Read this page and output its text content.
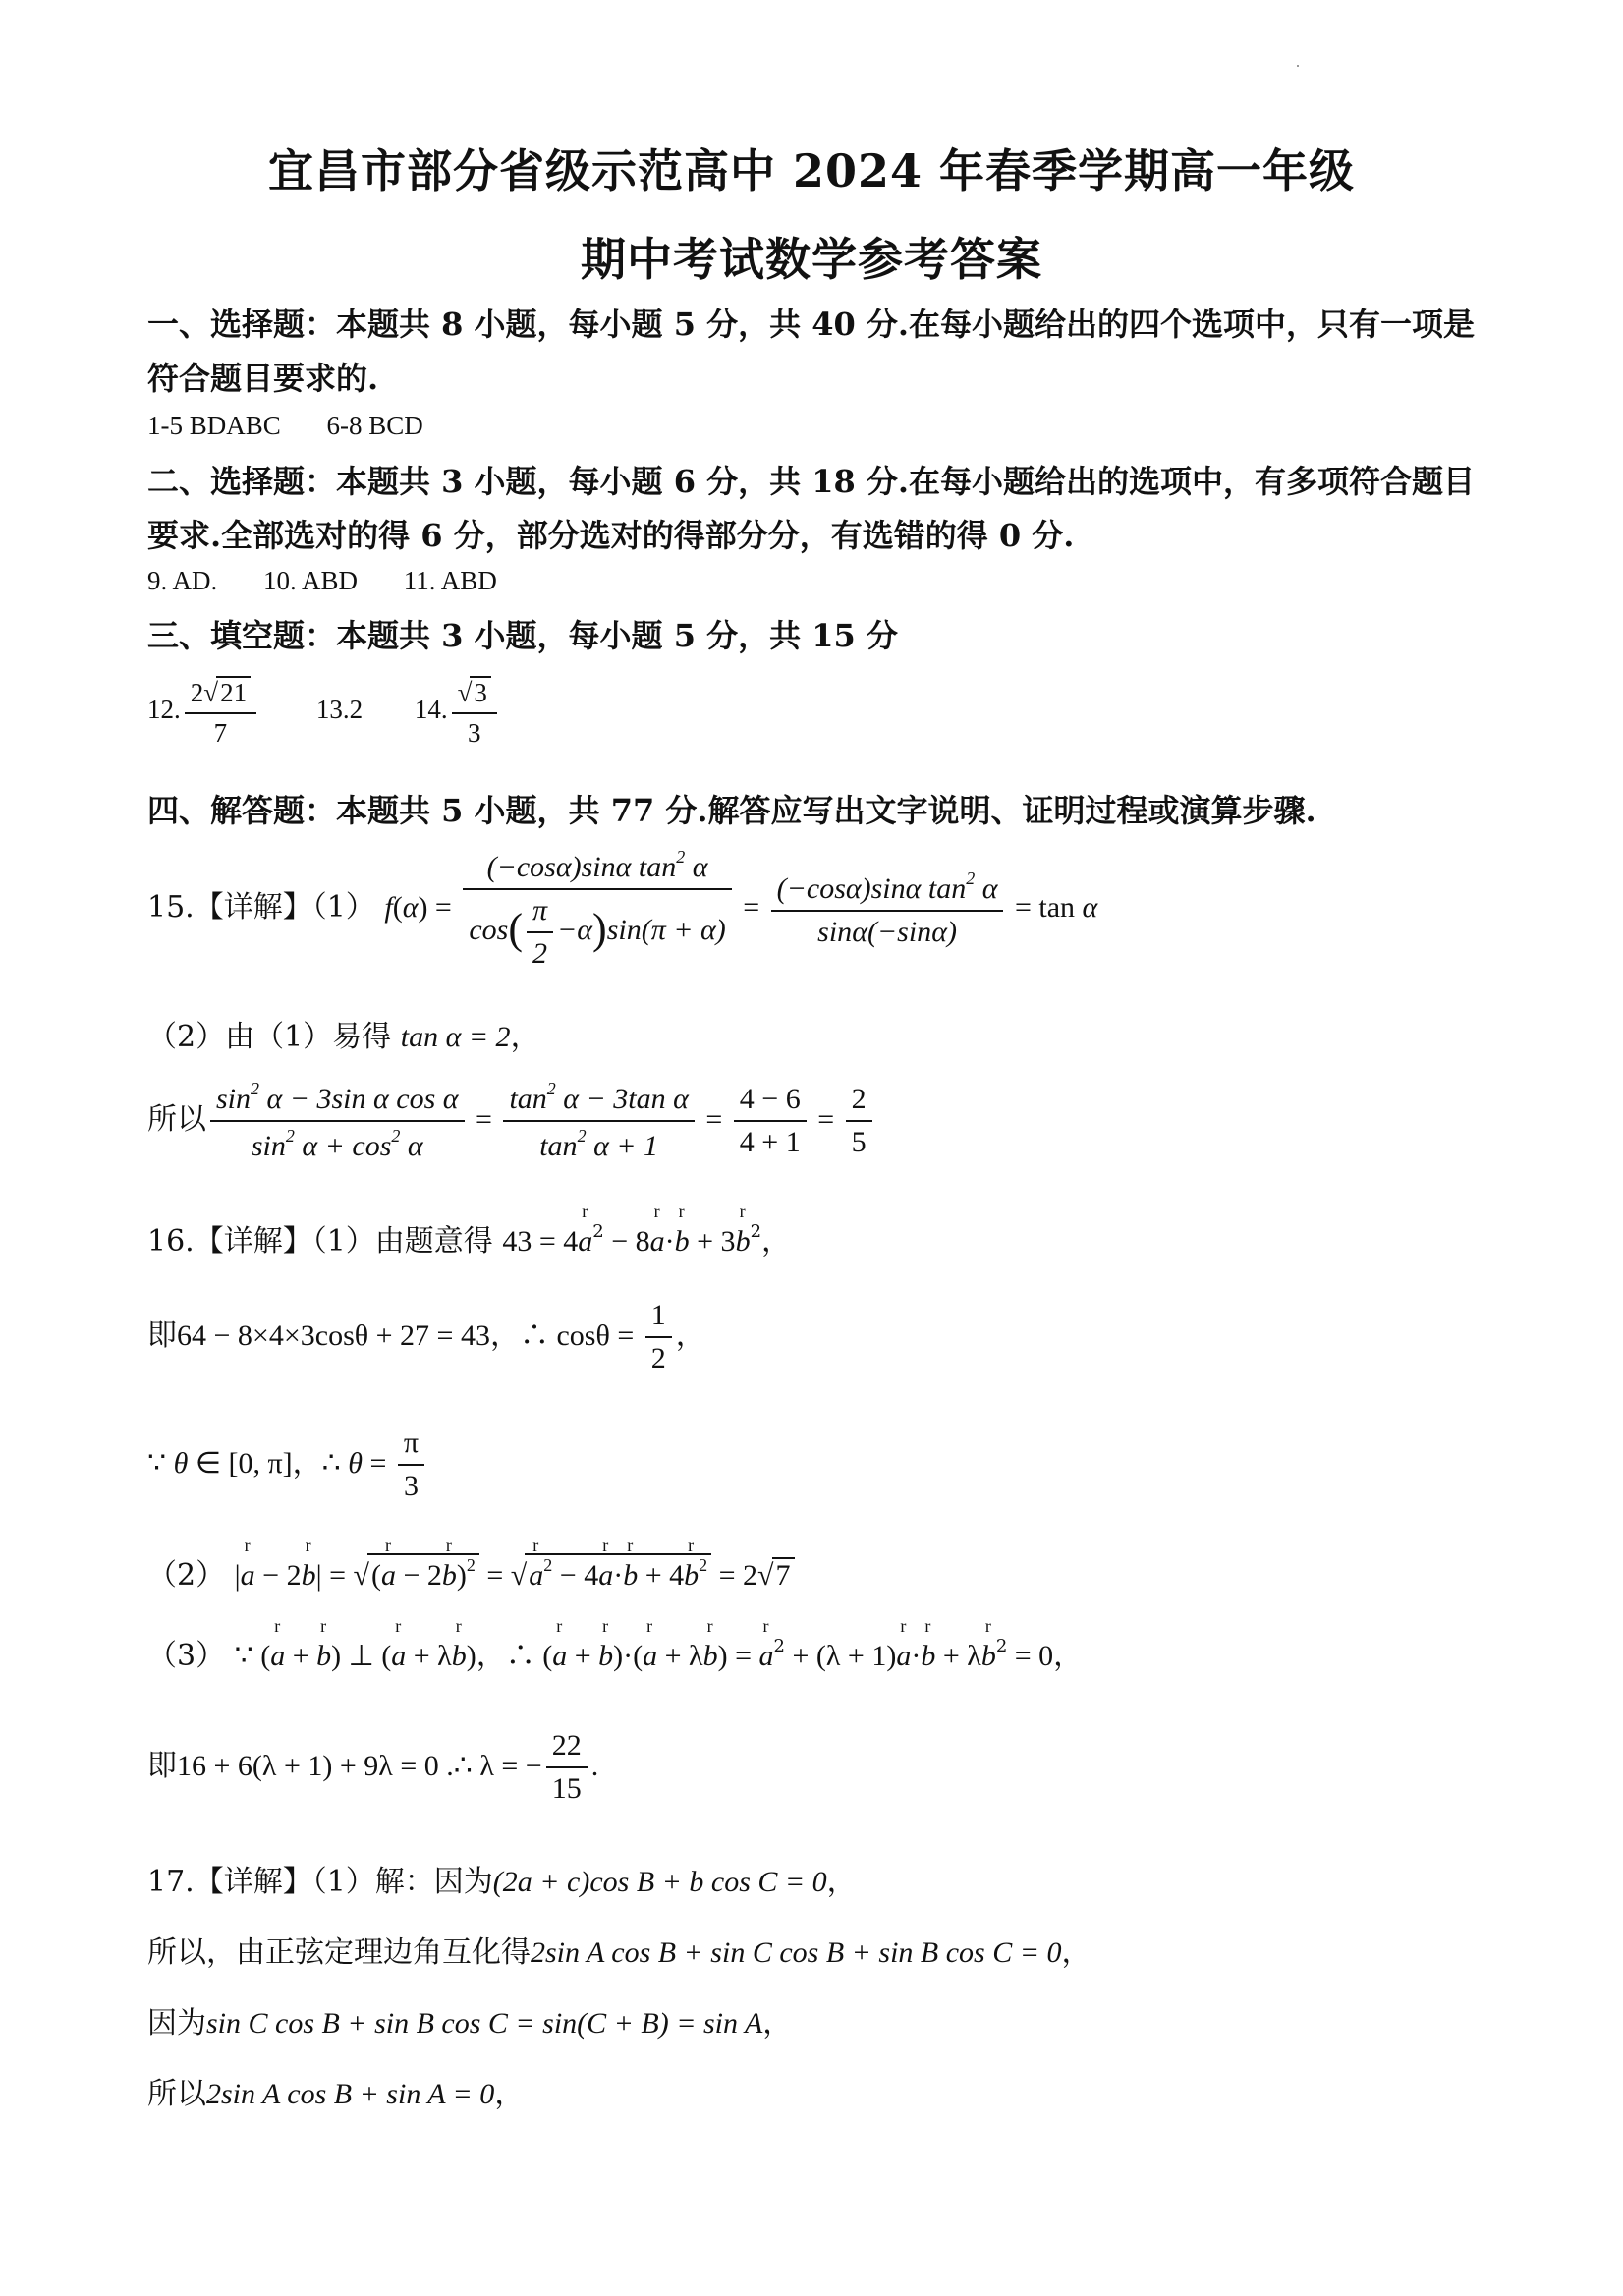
宜昌市部分省级示范高中 2024 年春季学期高一年级
期中考试数学参考答案
一、选择题：本题共 8 小题，每小题 5 分，共 40 分.在每小题给出的四个选项中，只有一项是
符合题目要求的.
1-5 BDABC 6-8 BCD
二、选择题：本题共 3 小题，每小题 6 分，共 18 分.在每小题给出的选项中，有多项符合题目
要求.全部选对的得 6 分，部分选对的得部分分，有选错的得 0 分.
9. AD. 10. ABD 11. ABD
三、填空题：本题共 3 小题，每小题 5 分，共 15 分
12. $\frac{2√21}{7} 13.2$ 14. $\frac{√3}{3}$
四、解答题：本题共 5 小题，共 77 分.解答应写出文字说明、证明过程或演算步骤.
15.【详解】（1） $f(\alpha) = \frac{(-\cos\alpha)\sin\alpha \tan^2 \alpha}{\cos( \frac{\pi}{2} -\alpha)\sin(\pi + \alpha)} = \frac{(-\cos\alpha)\sin\alpha \tan^2 \alpha}{\sin\alpha(-\sin\alpha)} = \tan \alpha$
（2）由（1）易得 tan α = 2，
所以 $\frac{\sin^2 \alpha - 3\sin \alpha \cos \alpha}{\sin^2 \alpha + \cos^2 \alpha} = \frac{\tan^2 \alpha - 3\tan \alpha}{\tan^2 \alpha + 1} = \frac{4 - 6}{4 + 1} = \frac{2}{5}$
16.【详解】（1）由题意得 43 = 4r $a^2 - 8r$ a·r b + 3r $b^2$，
即64 − 8×4×3cosθ + 27 = 43，∴ $\cos\theta = \frac{1}{2}$ ，
∵ θ ∈ [0, π]，∴ $\theta = \frac{\pi}{3}$
（2） |r a − 2r b| = √(r a − 2r b)$^2$ = √r $a^2 - 4r$ a·r b + 4r $b^2 = 2√7$
（3） ∵ (r a + r b) ⊥ (r a + λr b)，∴ (r a + r b)·(r a + λr b) = r $a^2 + (\lambda + 1)r$ a·r b + λr $b^2 = 0$，
即16 + 6(λ + 1) + 9λ = 0 .∴ λ = − $\frac{22}{15}$ .
17.【详解】（1）解：因为(2a + c)cos B + b cos C = 0，
所以，由正弦定理边角互化得2sin A cos B + sin C cos B + sin B cos C = 0，
因为sin C cos B + sin B cos C = sin(C + B) = sin A，
所以2sin A cos B + sin A = 0，
